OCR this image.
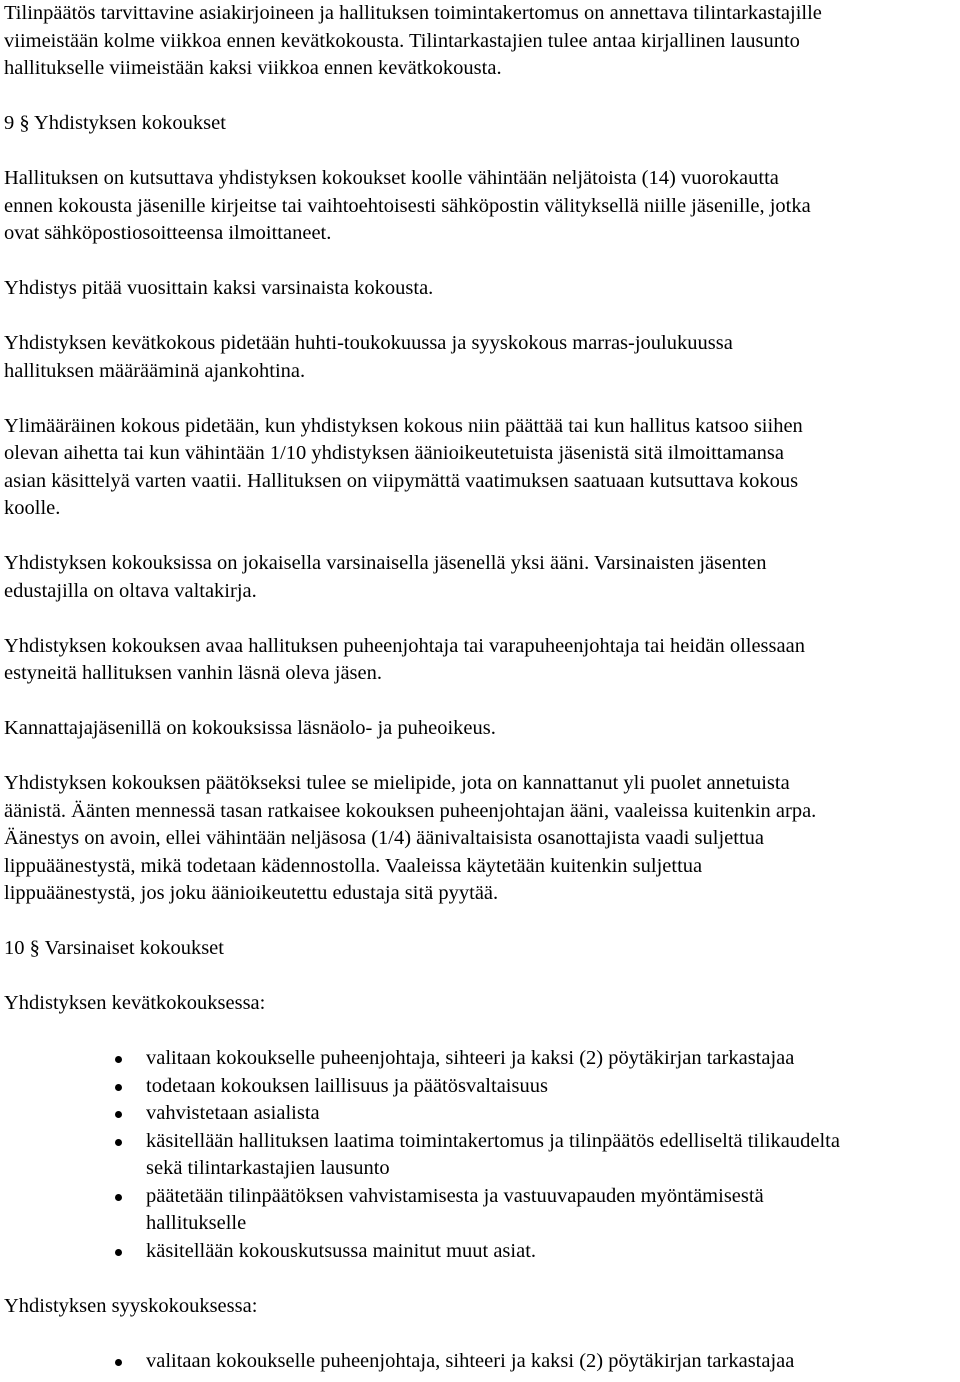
Tilinpäätös tarvittavine asiakirjoineen ja hallituksen toimintakertomus on annettava tilintarkastajille
viimeistään kolme viikkoa ennen kevätkokousta. Tilintarkastajien tulee antaa kirjallinen lausunto
hallitukselle viimeistään kaksi viikkoa ennen kevätkokousta.
9 § Yhdistyksen kokoukset
Hallituksen on kutsuttava yhdistyksen kokoukset koolle vähintään neljätoista (14) vuorokautta
ennen kokousta jäsenille kirjeitse tai vaihtoehtoisesti sähköpostin välityksellä niille jäsenille, jotka
ovat sähköpostiosoitteensa ilmoittaneet.
Yhdistys pitää vuosittain kaksi varsinaista kokousta.
Yhdistyksen kevätkokous pidetään huhti-toukokuussa ja syyskokous marras-joulukuussa
hallituksen määrääminä ajankohtina.
Ylimääräinen kokous pidetään, kun yhdistyksen kokous niin päättää tai kun hallitus katsoo siihen
olevan aihetta tai kun vähintään 1/10 yhdistyksen äänioikeutetuista jäsenistä sitä ilmoittamansa
asian käsittelyä varten vaatii. Hallituksen on viipymättä vaatimuksen saatuaan kutsuttava kokous
koolle.
Yhdistyksen kokouksissa on jokaisella varsinaisella jäsenellä yksi ääni. Varsinaisten jäsenten
edustajilla on oltava valtakirja.
Yhdistyksen kokouksen avaa hallituksen puheenjohtaja tai varapuheenjohtaja tai heidän ollessaan
estyneitä hallituksen vanhin läsnä oleva jäsen.
Kannattajajäsenillä on kokouksissa läsnäolo- ja puheoikeus.
Yhdistyksen kokouksen päätökseksi tulee se mielipide, jota on kannattanut yli puolet annetuista
äänistä. Äänten mennessä tasan ratkaisee kokouksen puheenjohtajan ääni, vaaleissa kuitenkin arpa.
Äänestys on avoin, ellei vähintään neljäsosa (1/4) äänivaltaisista osanottajista vaadi suljettua
lippuäänestystä, mikä todetaan kädennostolla. Vaaleissa käytetään kuitenkin suljettua
lippuäänestystä, jos joku äänioikeutettu edustaja sitä pyytää.
10 § Varsinaiset kokoukset
Yhdistyksen kevätkokouksessa:
valitaan kokoukselle puheenjohtaja, sihteeri ja kaksi (2) pöytäkirjan tarkastajaa
todetaan kokouksen laillisuus ja päätösvaltaisuus
vahvistetaan asialista
käsitellään hallituksen laatima toimintakertomus ja tilinpäätös edelliseltä tilikaudelta
sekä tilintarkastajien lausunto
päätetään tilinpäätöksen vahvistamisesta ja vastuuvapauden myöntämisestä
hallitukselle
käsitellään kokouskutsussa mainitut muut asiat.
Yhdistyksen syyskokouksessa:
valitaan kokoukselle puheenjohtaja, sihteeri ja kaksi (2) pöytäkirjan tarkastajaa
